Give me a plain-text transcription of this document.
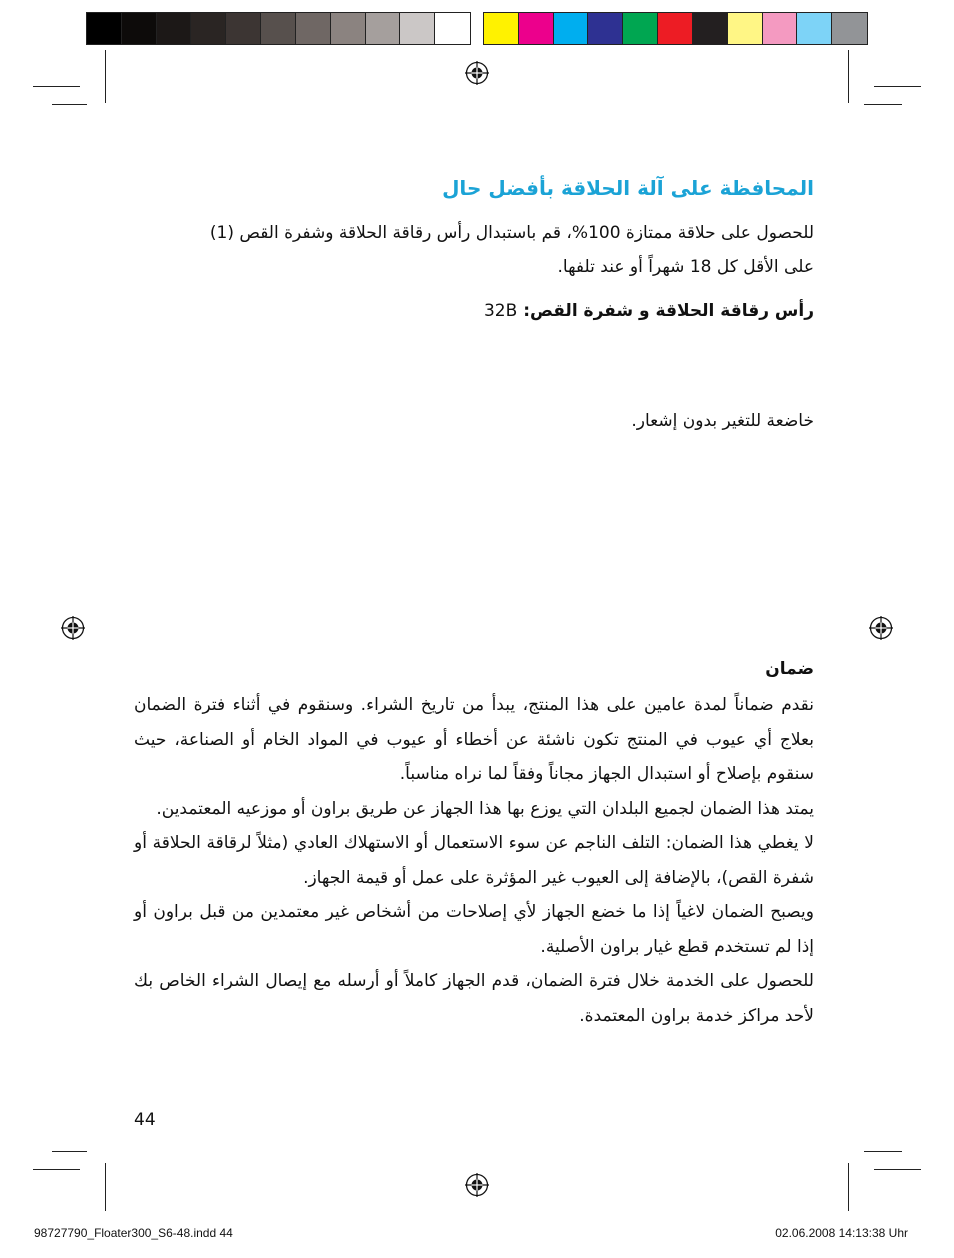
المحافظة على آلة الحلاقة بأفضل حال
للحصول على حلاقة ممتازة 100%، قم باستبدال رأس رقاقة الحلاقة وشفرة القص (1)
على الأقل كل 18 شهراً أو عند تلفها.
رأس رقاقة الحلاقة و شفرة القص: 32B
خاضعة للتغير بدون إشعار.
ضمان
نقدم ضماناً لمدة عامين على هذا المنتج، يبدأ من تاريخ الشراء. وسنقوم في أثناء فترة الضمان بعلاج أي عيوب في المنتج تكون ناشئة عن أخطاء أو عيوب في المواد الخام أو الصناعة، حيث سنقوم بإصلاح أو استبدال الجهاز مجاناً وفقاً لما نراه مناسباً.
يمتد هذا الضمان لجميع البلدان التي يوزع بها هذا الجهاز عن طريق براون أو موزعيه المعتمدين.
لا يغطي هذا الضمان: التلف الناجم عن سوء الاستعمال أو الاستهلاك العادي (مثلاً لرقاقة الحلاقة أو شفرة القص)، بالإضافة إلى العيوب غير المؤثرة على عمل أو قيمة الجهاز.
ويصبح الضمان لاغياً إذا ما خضع الجهاز لأي إصلاحات من أشخاص غير معتمدين من قبل براون أو إذا لم تستخدم قطع غيار براون الأصلية.
للحصول على الخدمة خلال فترة الضمان، قدم الجهاز كاملاً أو أرسله مع إيصال الشراء الخاص بك لأحد مراكز خدمة براون المعتمدة.
44
98727790_Floater300_S6-48.indd 44	02.06.2008 14:13:38 Uhr
